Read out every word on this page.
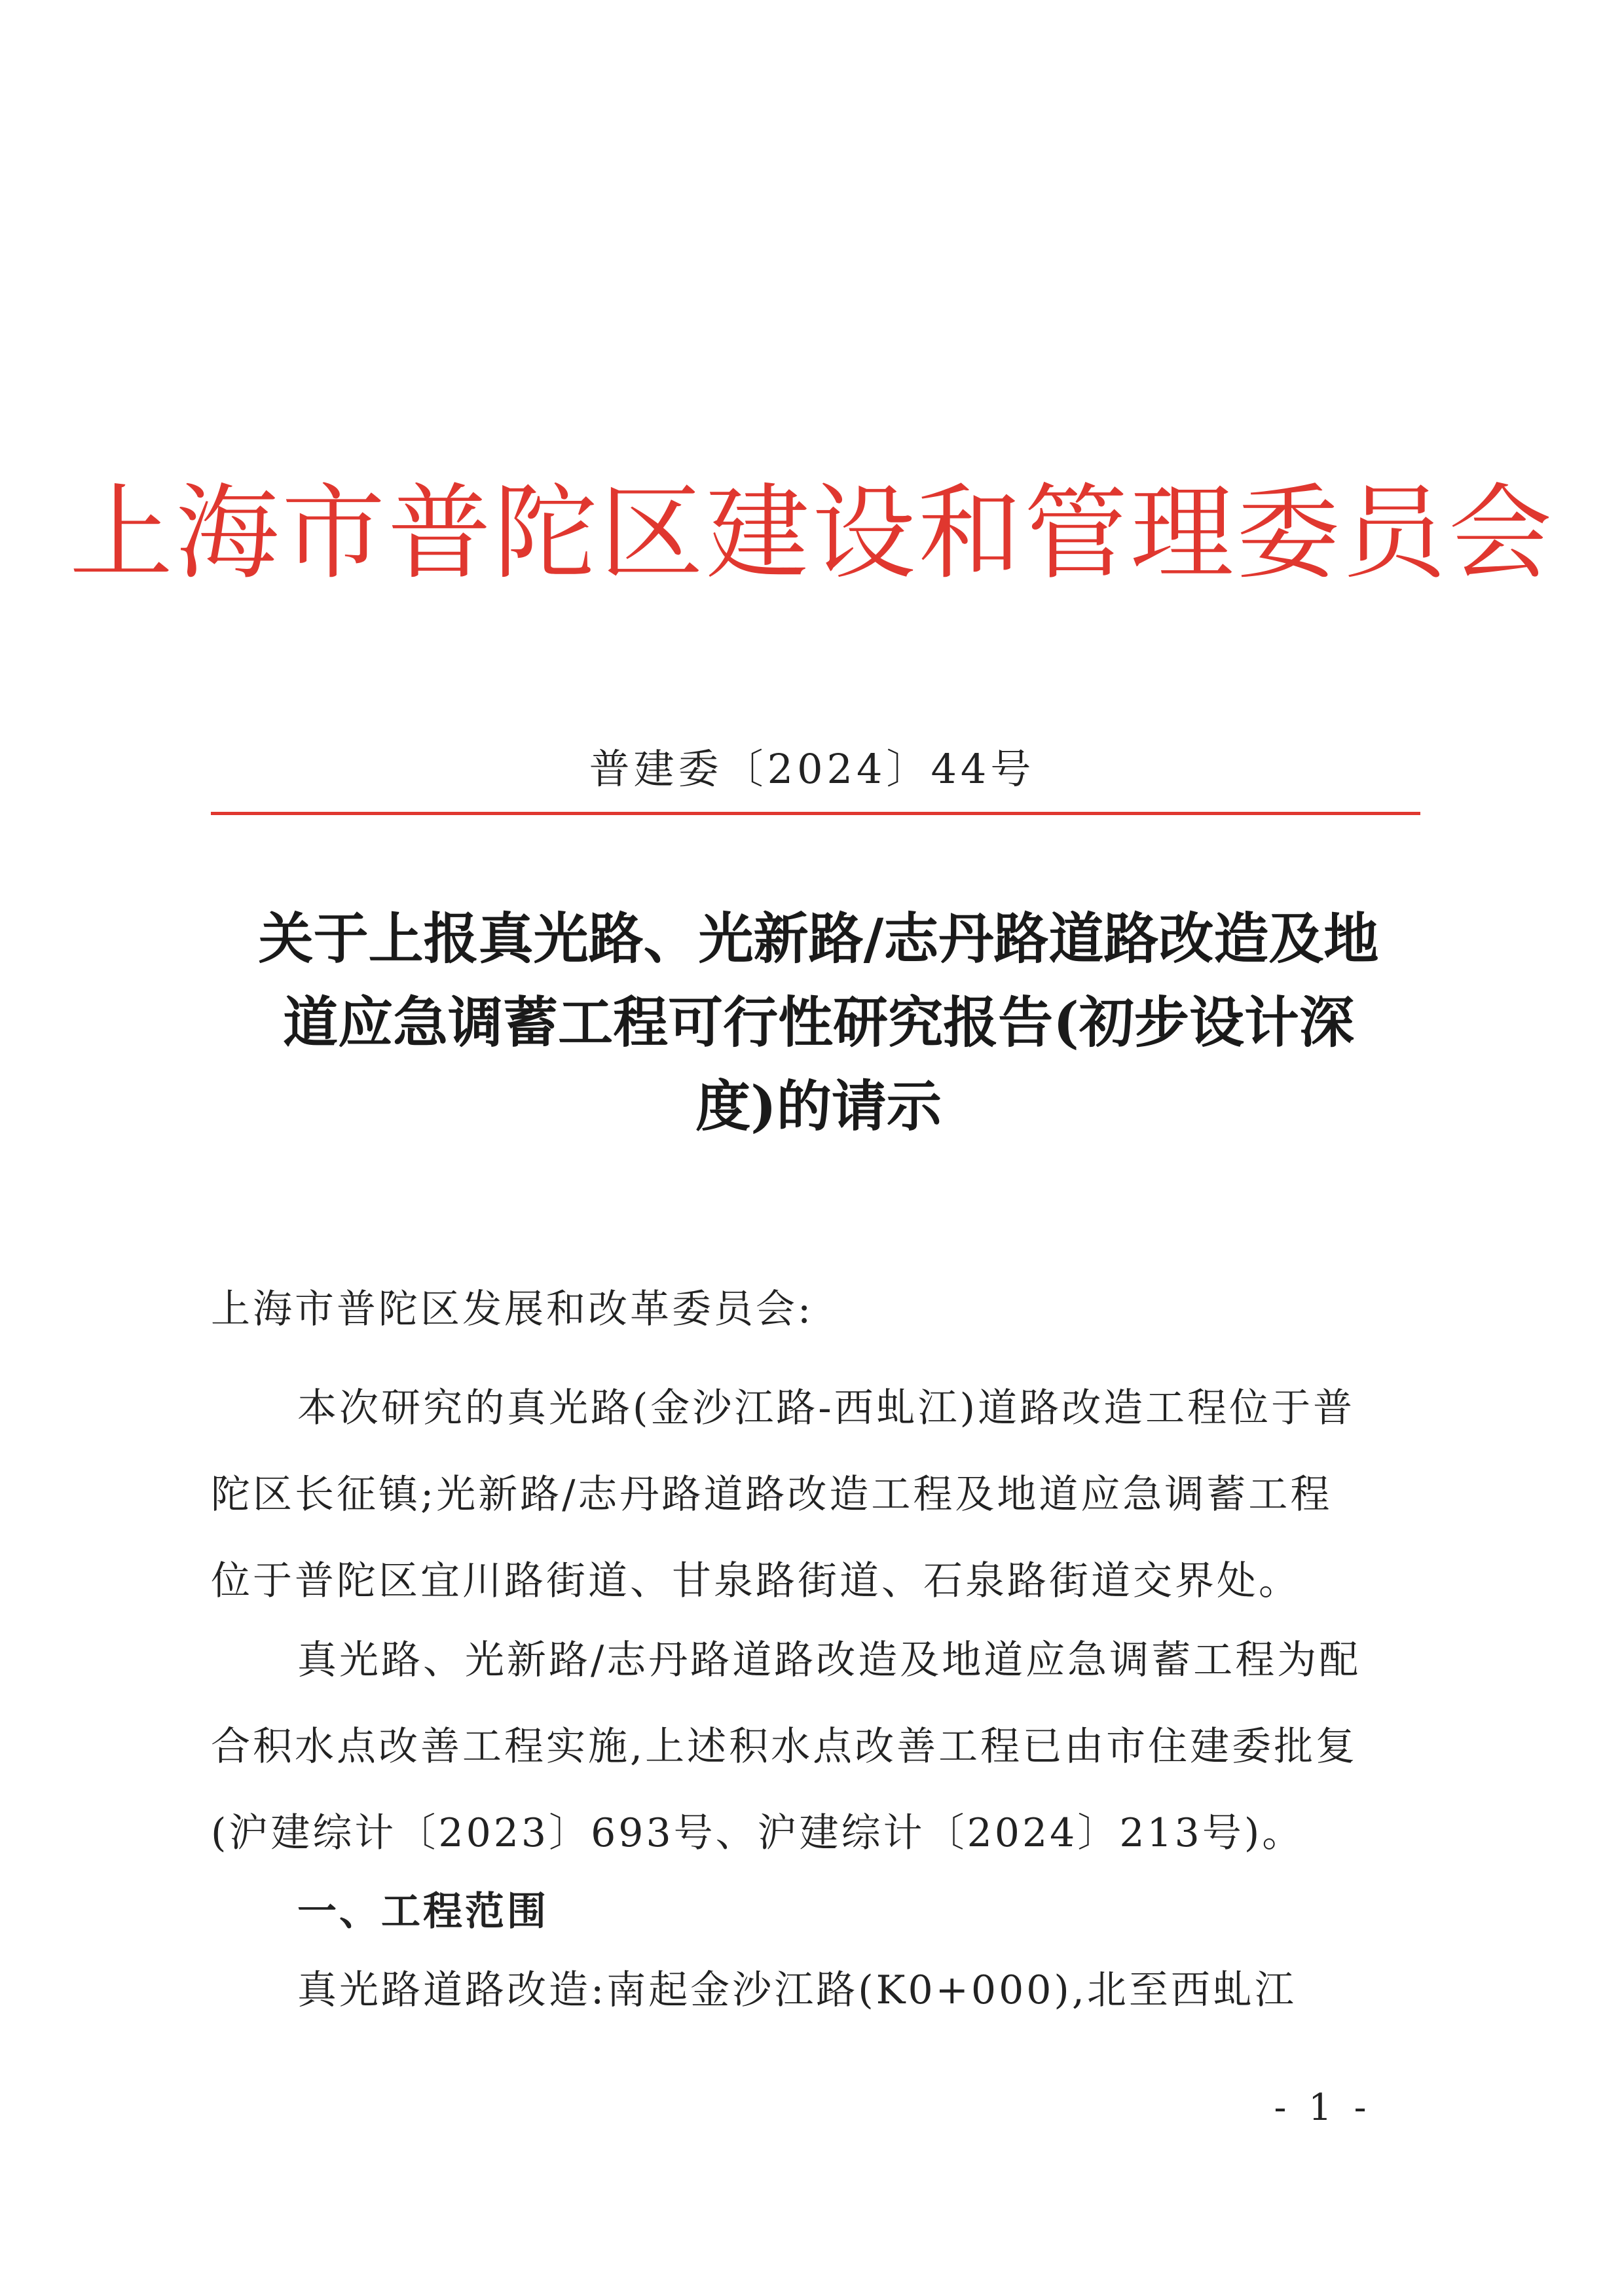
上海市普陀区建设和管理委员会
普建委〔2024〕44号
关于上报真光路、光新路/志丹路道路改造及地
道应急调蓄工程可行性研究报告(初步设计深
度)的请示
上海市普陀区发展和改革委员会:
本次研究的真光路(金沙江路-西虬江)道路改造工程位于普
陀区长征镇;光新路/志丹路道路改造工程及地道应急调蓄工程
位于普陀区宜川路街道、甘泉路街道、石泉路街道交界处。
真光路、光新路/志丹路道路改造及地道应急调蓄工程为配
合积水点改善工程实施,上述积水点改善工程已由市住建委批复
(沪建综计〔2023〕693号、沪建综计〔2024〕213号)。
一、工程范围
真光路道路改造:南起金沙江路(K0+000),北至西虬江
- 1 -
